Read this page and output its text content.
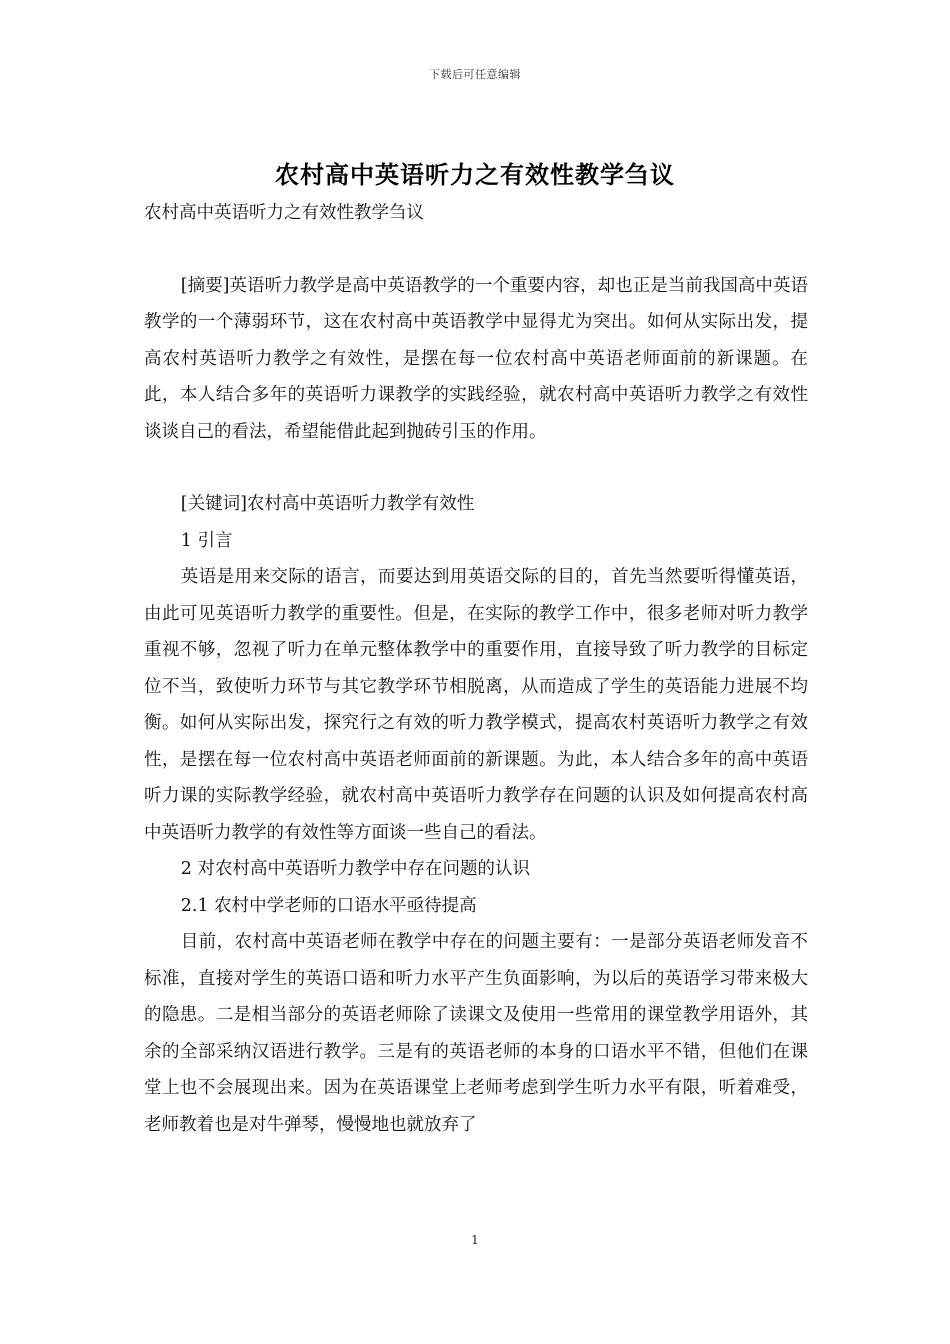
下载后可任意编辑
农村高中英语听力之有效性教学刍议

农村高中英语听力之有效性教学刍议

[摘要]英语听力教学是高中英语教学的一个重要内容，却也正是当前我国高中英语教学的一个薄弱环节，这在农村高中英语教学中显得尤为突出。如何从实际出发，提高农村英语听力教学之有效性，是摆在每一位农村高中英语老师面前的新课题。在此，本人结合多年的英语听力课教学的实践经验，就农村高中英语听力教学之有效性谈谈自己的看法，希望能借此起到抛砖引玉的作用。

[关键词]农村高中英语听力教学有效性

1 引言

英语是用来交际的语言，而要达到用英语交际的目的，首先当然要听得懂英语，由此可见英语听力教学的重要性。但是，在实际的教学工作中，很多老师对听力教学重视不够，忽视了听力在单元整体教学中的重要作用，直接导致了听力教学的目标定位不当，致使听力环节与其它教学环节相脱离，从而造成了学生的英语能力进展不均衡。如何从实际出发，探究行之有效的听力教学模式，提高农村英语听力教学之有效性，是摆在每一位农村高中英语老师面前的新课题。为此，本人结合多年的高中英语听力课的实际教学经验，就农村高中英语听力教学存在问题的认识及如何提高农村高中英语听力教学的有效性等方面谈一些自己的看法。

2 对农村高中英语听力教学中存在问题的认识

2.1 农村中学老师的口语水平亟待提高

目前，农村高中英语老师在教学中存在的问题主要有：一是部分英语老师发音不标准，直接对学生的英语口语和听力水平产生负面影响，为以后的英语学习带来极大的隐患。二是相当部分的英语老师除了读课文及使用一些常用的课堂教学用语外，其余的全部采纳汉语进行教学。三是有的英语老师的本身的口语水平不错，但他们在课堂上也不会展现出来。因为在英语课堂上老师考虑到学生听力水平有限，听着难受，老师教着也是对牛弹琴，慢慢地也就放弃了

1
